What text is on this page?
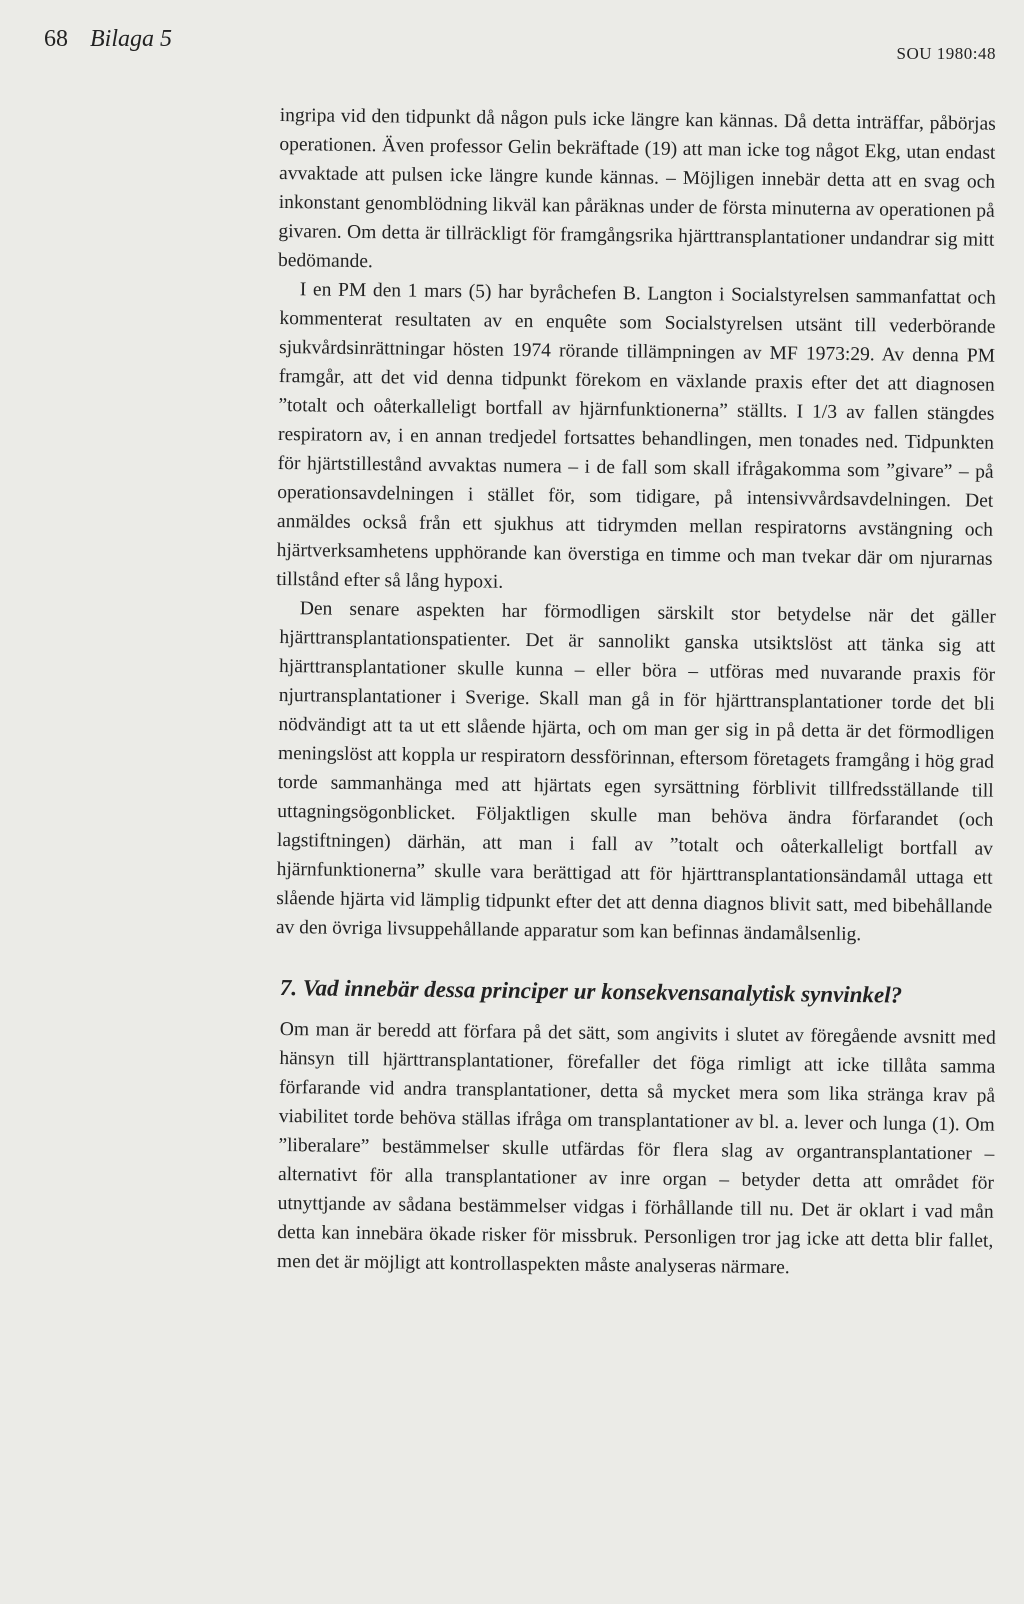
68 Bilaga 5
SOU 1980:48

ingripa vid den tidpunkt då någon puls icke längre kan kännas. Då detta inträffar, påbörjas operationen. Även professor Gelin bekräftade (19) att man icke tog något Ekg, utan endast avvaktade att pulsen icke längre kunde kännas. – Möjligen innebär detta att en svag och inkonstant genomblödning likväl kan påräknas under de första minuterna av operationen på givaren. Om detta är tillräckligt för framgångsrika hjärttransplantationer undandrar sig mitt bedömande.

I en PM den 1 mars (5) har byråchefen B. Langton i Socialstyrelsen sammanfattat och kommenterat resultaten av en enquête som Socialstyrelsen utsänt till vederbörande sjukvårdsinrättningar hösten 1974 rörande tillämpningen av MF 1973:29. Av denna PM framgår, att det vid denna tidpunkt förekom en växlande praxis efter det att diagnosen ”totalt och oåterkalleligt bortfall av hjärnfunktionerna” ställts. I 1/3 av fallen stängdes respiratorn av, i en annan tredjedel fortsattes behandlingen, men tonades ned. Tidpunkten för hjärtstillestånd avvaktas numera – i de fall som skall ifrågakomma som ”givare” – på operationsavdelningen i stället för, som tidigare, på intensivvårdsavdelningen. Det anmäldes också från ett sjukhus att tidrymden mellan respiratorns avstängning och hjärtverksamhetens upphörande kan överstiga en timme och man tvekar där om njurarnas tillstånd efter så lång hypoxi.

Den senare aspekten har förmodligen särskilt stor betydelse när det gäller hjärttransplantationspatienter. Det är sannolikt ganska utsiktslöst att tänka sig att hjärttransplantationer skulle kunna – eller böra – utföras med nuvarande praxis för njurtransplantationer i Sverige. Skall man gå in för hjärttransplantationer torde det bli nödvändigt att ta ut ett slående hjärta, och om man ger sig in på detta är det förmodligen meningslöst att koppla ur respiratorn dessförinnan, eftersom företagets framgång i hög grad torde sammanhänga med att hjärtats egen syrsättning förblivit tillfredsställande till uttagningsögonblicket. Följaktligen skulle man behöva ändra förfarandet (och lagstiftningen) därhän, att man i fall av ”totalt och oåterkalleligt bortfall av hjärnfunktionerna” skulle vara berättigad att för hjärttransplantationsändamål uttaga ett slående hjärta vid lämplig tidpunkt efter det att denna diagnos blivit satt, med bibehållande av den övriga livsuppehållande apparatur som kan befinnas ändamålsenlig.

7. Vad innebär dessa principer ur konsekvensanalytisk synvinkel?

Om man är beredd att förfara på det sätt, som angivits i slutet av föregående avsnitt med hänsyn till hjärttransplantationer, förefaller det föga rimligt att icke tillåta samma förfarande vid andra transplantationer, detta så mycket mera som lika stränga krav på viabilitet torde behöva ställas ifråga om transplantationer av bl. a. lever och lunga (1). Om ”liberalare” bestämmelser skulle utfärdas för flera slag av organtransplantationer – alternativt för alla transplantationer av inre organ – betyder detta att området för utnyttjande av sådana bestämmelser vidgas i förhållande till nu. Det är oklart i vad mån detta kan innebära ökade risker för missbruk. Personligen tror jag icke att detta blir fallet, men det är möjligt att kontrollaspekten måste analyseras närmare.
